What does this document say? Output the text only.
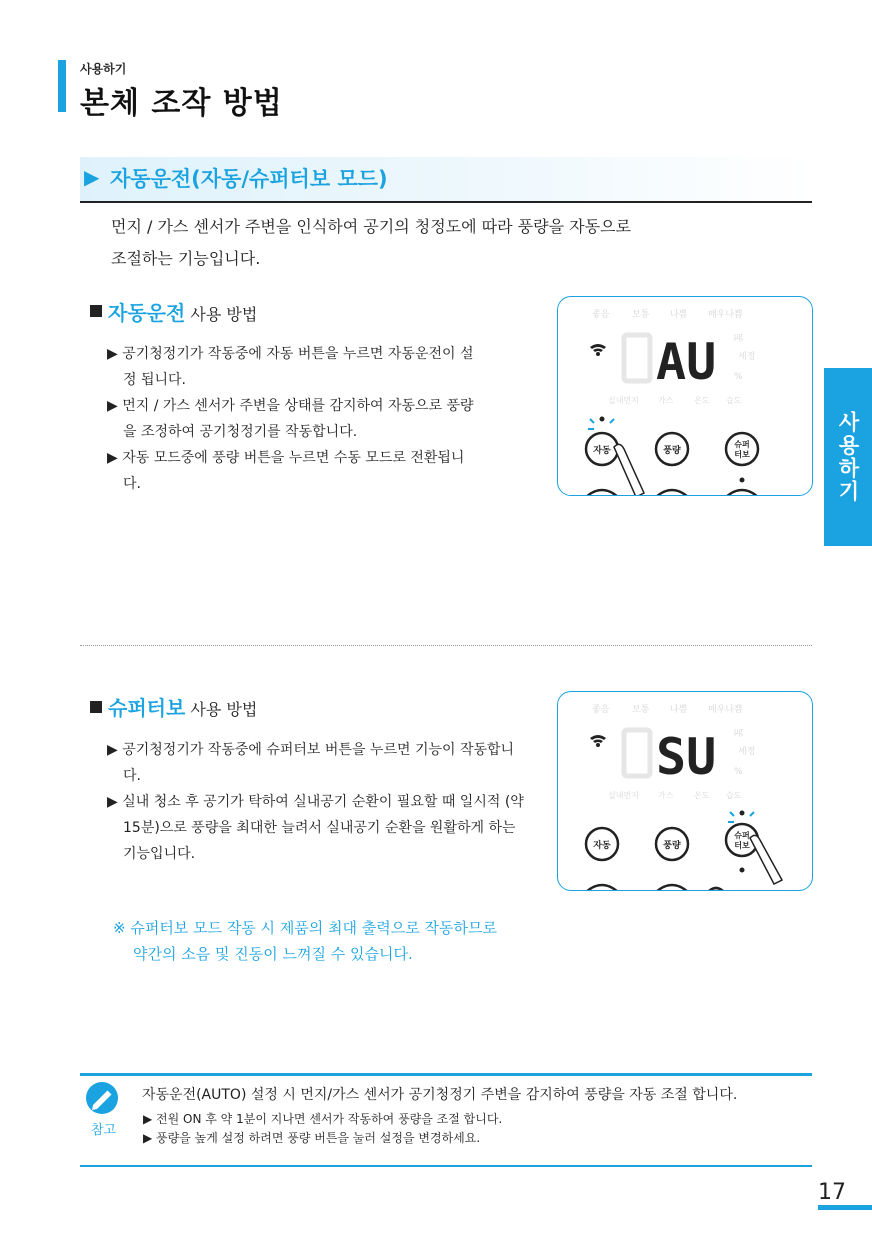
사용하기
본체 조작 방법
▶ 자동운전(자동/슈퍼터보 모드)
먼지 / 가스 센서가 주변을 인식하여 공기의 청정도에 따라 풍량을 자동으로
조절하는 기능입니다.
자동운전 사용 방법

▶ 공기청정기가 작동중에 자동 버튼을 누르면 자동운전이 설정 됩니다.

▶ 먼지 / 가스 센서가 주변을 상태를 감지하여 자동으로 풍량을 조정하여 공기청정기를 작동합니다.

▶ 자동 모드중에 풍량 버튼을 누르면 수동 모드로 전환됩니다.

좋음	보통 나쁨 매우나쁨
㎍
세정
%
실내먼지 가스	온도 습도
AU
자동	풍량
슈퍼
터보	사용하기
슈퍼터보 사용 방법

▶ 공기청정기가 작동중에 슈퍼터보 버튼을 누르면 기능이 작동합니다.

▶ 실내 청소 후 공기가 탁하여 실내공기 순환이 필요할 때 일시적 (약 15분)으로 풍량을 최대한 늘려서 실내공기 순환을 원활하게 하는 기능입니다.

※ 슈퍼터보 모드 작동 시 제품의 최대 출력으로 작동하므로
약간의 소음 및 진동이 느껴질 수 있습니다.
좋음	보통 나쁨 매우나쁨
㎍
세정
%
실내먼지 가스	온도 습도
SU
자동	풍량
슈퍼
터보
참고
자동운전(AUTO) 설정 시 먼지/가스 센서가 공기청정기 주변을 감지하여 풍량을 자동 조절 합니다.
▶ 전원 ON 후 약 1분이 지나면 센서가 작동하여 풍량을 조절 합니다.
▶ 풍량을 높게 설정 하려면 풍량 버튼을 눌러 설정을 변경하세요.
17
